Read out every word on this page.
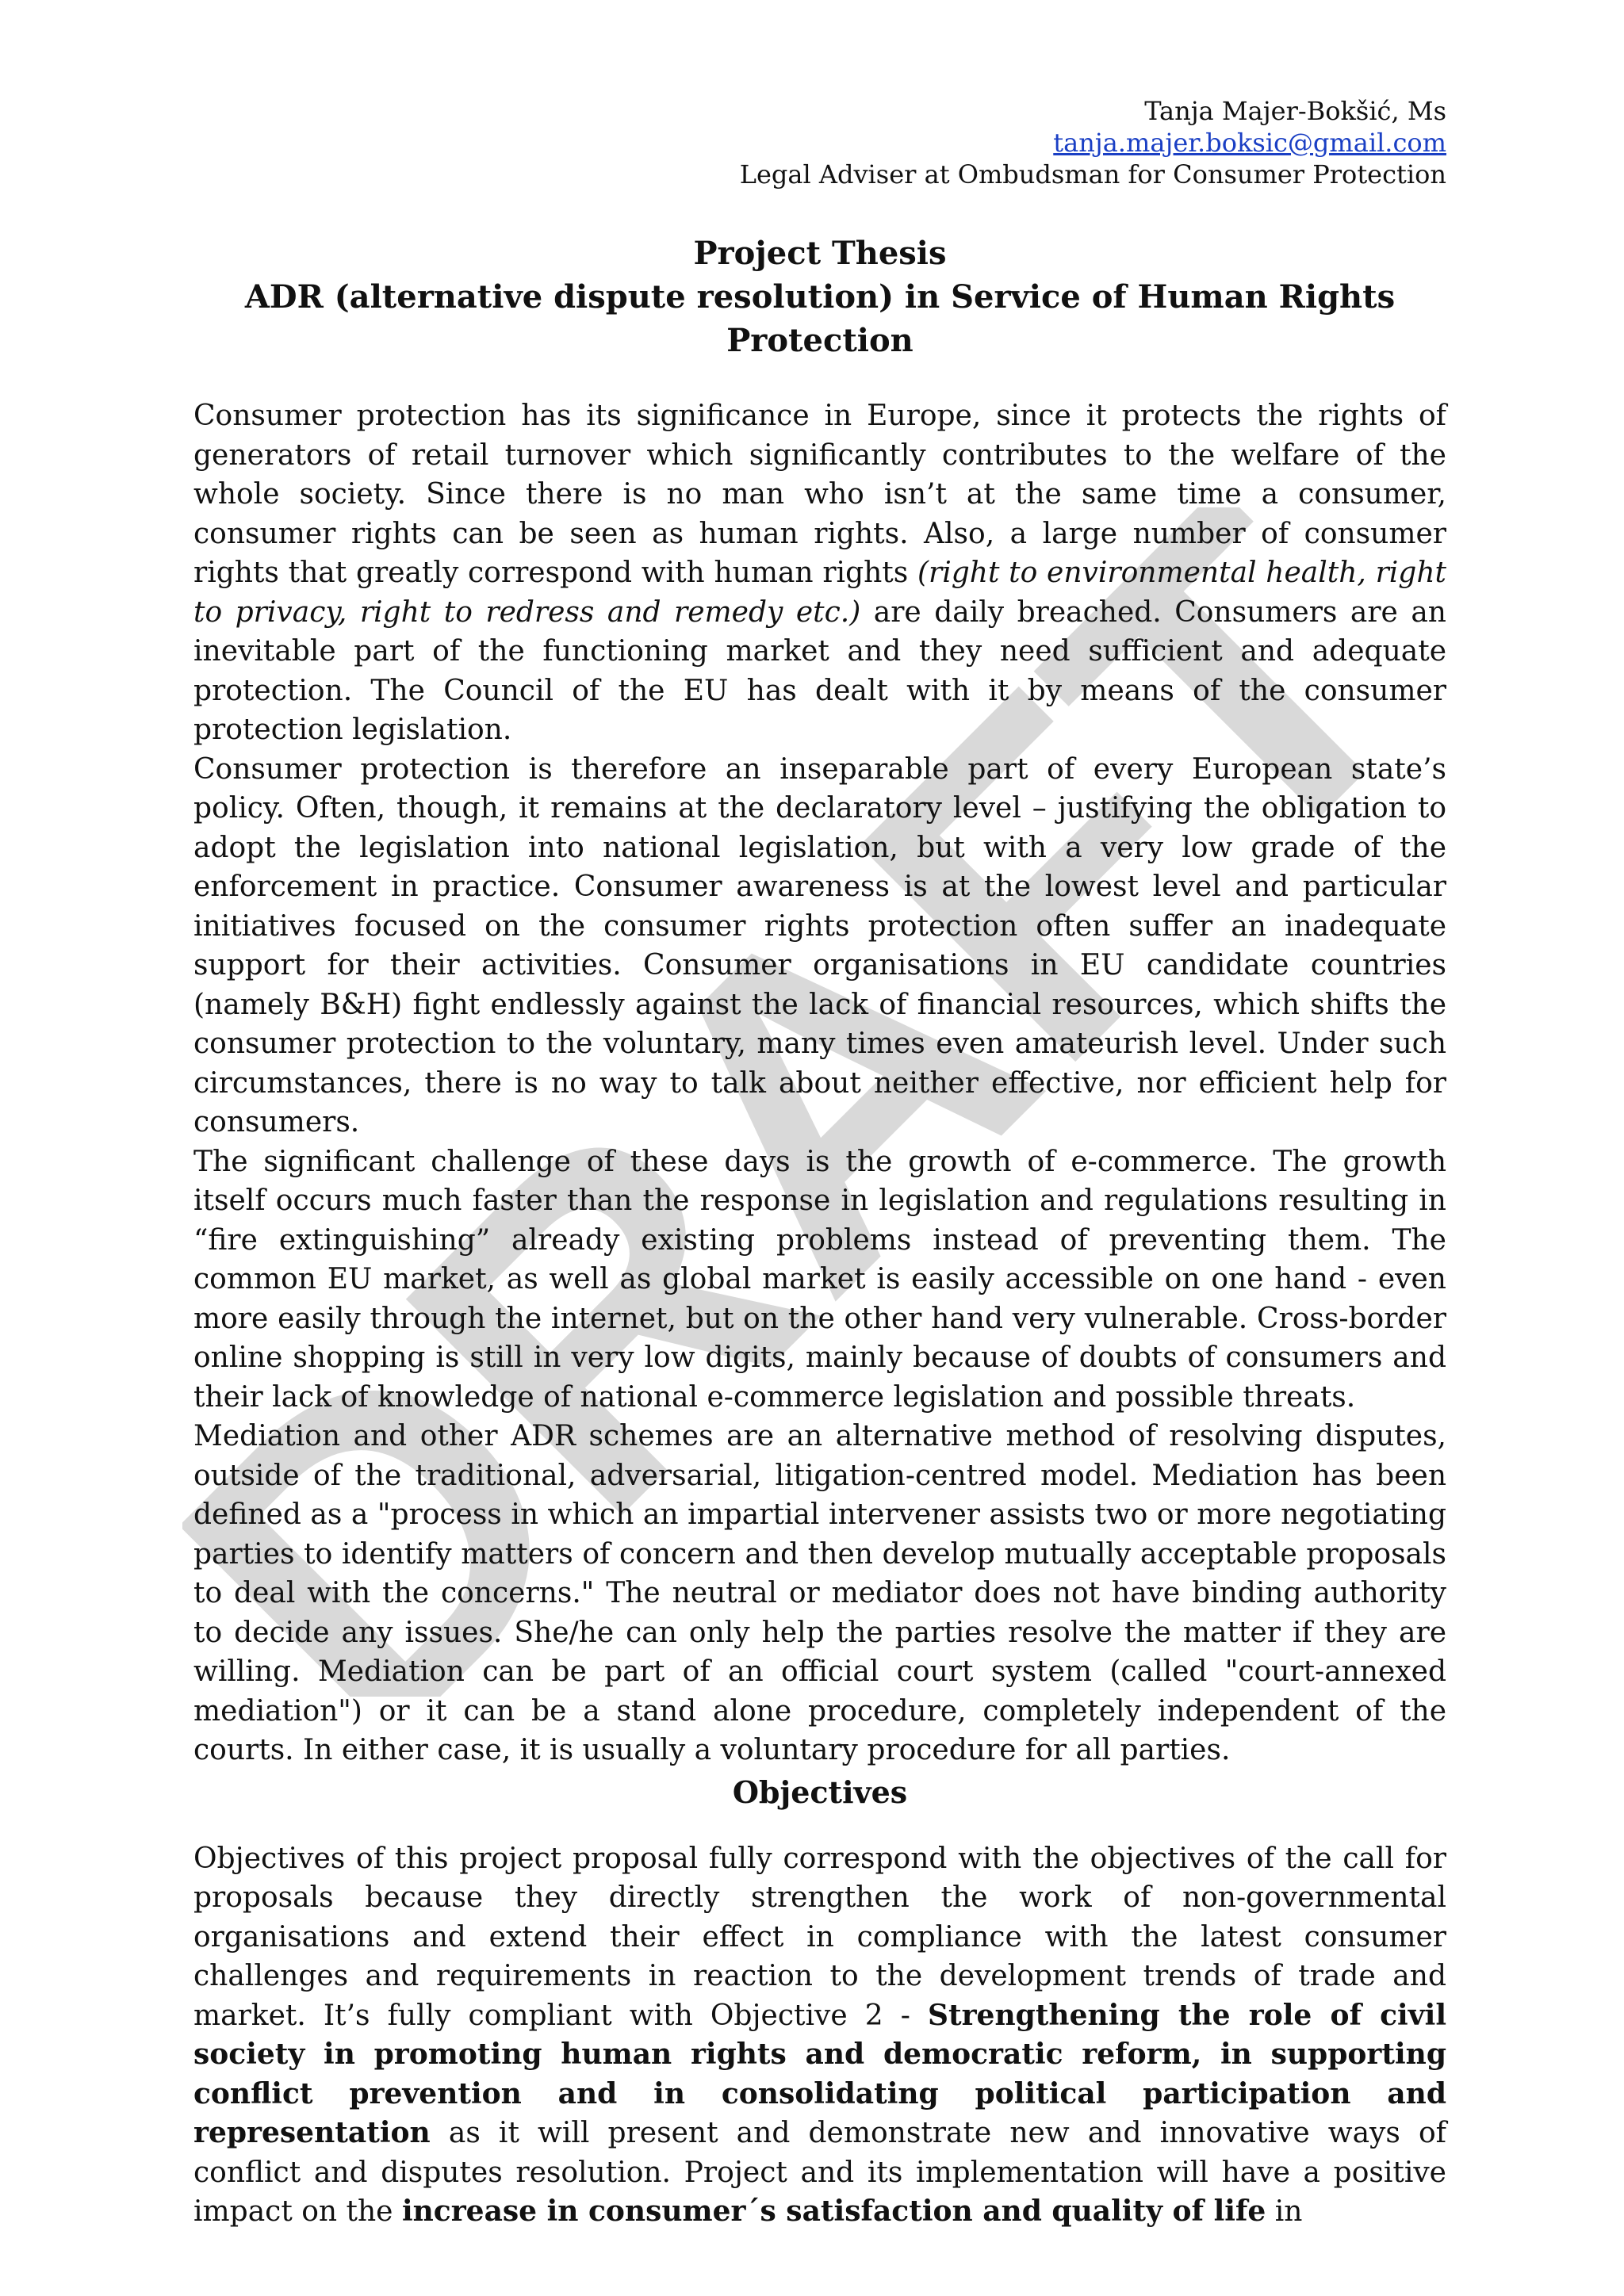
DRAFT
Tanja Majer-Bokšić, Ms
tanja.majer.boksic@gmail.com
Legal Adviser at Ombudsman for Consumer Protection
Project Thesis
ADR (alternative dispute resolution) in Service of Human Rights
Protection

Consumer protection has its significance in Europe, since it protects the rights of generators of retail turnover which significantly contributes to the welfare of the whole society. Since there is no man who isn’t at the same time a consumer, consumer rights can be seen as human rights. Also, a large number of consumer rights that greatly correspond with human rights (right to environmental health, right to privacy, right to redress and remedy etc.) are daily breached. Consumers are an inevitable part of the functioning market and they need sufficient and adequate protection. The Council of the EU has dealt with it by means of the consumer protection legislation.

Consumer protection is therefore an inseparable part of every European state’s policy. Often, though, it remains at the declaratory level – justifying the obligation to adopt the legislation into national legislation, but with a very low grade of the enforcement in practice. Consumer awareness is at the lowest level and particular initiatives focused on the consumer rights protection often suffer an inadequate support for their activities. Consumer organisations in EU candidate countries (namely B&H) fight endlessly against the lack of financial resources, which shifts the consumer protection to the voluntary, many times even amateurish level. Under such circumstances, there is no way to talk about neither effective, nor efficient help for consumers.

The significant challenge of these days is the growth of e-commerce. The growth itself occurs much faster than the response in legislation and regulations resulting in “fire extinguishing” already existing problems instead of preventing them. The common EU market, as well as global market is easily accessible on one hand - even more easily through the internet, but on the other hand very vulnerable. Cross-border online shopping is still in very low digits, mainly because of doubts of consumers and their lack of knowledge of national e-commerce legislation and possible threats.

Mediation and other ADR schemes are an alternative method of resolving disputes, outside of the traditional, adversarial, litigation-centred model. Mediation has been defined as a "process in which an impartial intervener assists two or more negotiating parties to identify matters of concern and then develop mutually acceptable proposals to deal with the concerns." The neutral or mediator does not have binding authority to decide any issues. She/he can only help the parties resolve the matter if they are willing. Mediation can be part of an official court system (called "court-annexed mediation") or it can be a stand alone procedure, completely independent of the courts. In either case, it is usually a voluntary procedure for all parties.

Objectives

Objectives of this project proposal fully correspond with the objectives of the call for proposals because they directly strengthen the work of non-governmental organisations and extend their effect in compliance with the latest consumer challenges and requirements in reaction to the development trends of trade and market. It’s fully compliant with Objective 2 - Strengthening the role of civil society in promoting human rights and democratic reform, in supporting conflict prevention and in consolidating political participation and representation as it will present and demonstrate new and innovative ways of conflict and disputes resolution. Project and its implementation will have a positive impact on the increase in consumer´s satisfaction and quality of life in
